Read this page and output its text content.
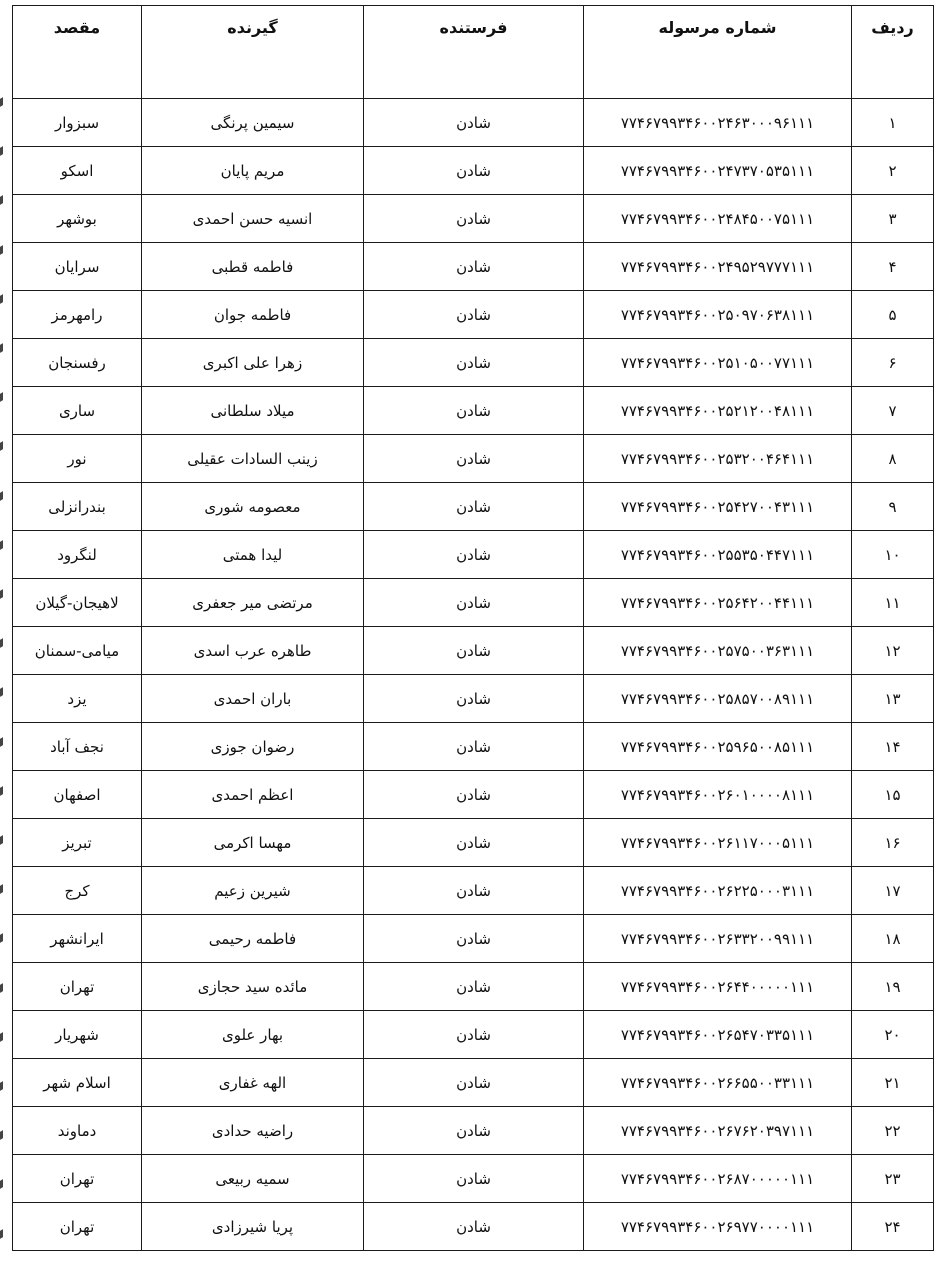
ردیف	شماره مرسوله	فرستنده	گیرنده	مقصد
۱	۷۷۴۶۷۹۹۳۴۶۰۰۲۴۶۳۰۰۰۹۶۱۱۱	شادن	سیمین پرنگی	سبزوار
۲	۷۷۴۶۷۹۹۳۴۶۰۰۲۴۷۳۷۰۵۳۵۱۱۱	شادن	مریم پایان	اسکو
۳	۷۷۴۶۷۹۹۳۴۶۰۰۲۴۸۴۵۰۰۷۵۱۱۱	شادن	انسیه حسن احمدی	بوشهر
۴	۷۷۴۶۷۹۹۳۴۶۰۰۲۴۹۵۲۹۷۷۷۱۱۱	شادن	فاطمه قطبی	سرایان
۵	۷۷۴۶۷۹۹۳۴۶۰۰۲۵۰۹۷۰۶۳۸۱۱۱	شادن	فاطمه جوان	رامهرمز
۶	۷۷۴۶۷۹۹۳۴۶۰۰۲۵۱۰۵۰۰۷۷۱۱۱	شادن	زهرا علی اکبری	رفسنجان
۷	۷۷۴۶۷۹۹۳۴۶۰۰۲۵۲۱۲۰۰۴۸۱۱۱	شادن	میلاد سلطانی	ساری
۸	۷۷۴۶۷۹۹۳۴۶۰۰۲۵۳۲۰۰۴۶۴۱۱۱	شادن	زینب السادات عقیلی	نور
۹	۷۷۴۶۷۹۹۳۴۶۰۰۲۵۴۲۷۰۰۴۳۱۱۱	شادن	معصومه شوری	بندرانزلی
۱۰	۷۷۴۶۷۹۹۳۴۶۰۰۲۵۵۳۵۰۴۴۷۱۱۱	شادن	لیدا همتی	لنگرود
۱۱	۷۷۴۶۷۹۹۳۴۶۰۰۲۵۶۴۲۰۰۴۴۱۱۱	شادن	مرتضی میر جعفری	لاهیجان-گیلان
۱۲	۷۷۴۶۷۹۹۳۴۶۰۰۲۵۷۵۰۰۳۶۳۱۱۱	شادن	طاهره عرب اسدی	میامی-سمنان
۱۳	۷۷۴۶۷۹۹۳۴۶۰۰۲۵۸۵۷۰۰۸۹۱۱۱	شادن	باران احمدی	یزد
۱۴	۷۷۴۶۷۹۹۳۴۶۰۰۲۵۹۶۵۰۰۸۵۱۱۱	شادن	رضوان جوزی	نجف آباد
۱۵	۷۷۴۶۷۹۹۳۴۶۰۰۲۶۰۱۰۰۰۰۸۱۱۱	شادن	اعظم احمدی	اصفهان
۱۶	۷۷۴۶۷۹۹۳۴۶۰۰۲۶۱۱۷۰۰۰۵۱۱۱	شادن	مهسا اکرمی	تبریز
۱۷	۷۷۴۶۷۹۹۳۴۶۰۰۲۶۲۲۵۰۰۰۳۱۱۱	شادن	شیرین زعیم	کرج
۱۸	۷۷۴۶۷۹۹۳۴۶۰۰۲۶۳۳۲۰۰۹۹۱۱۱	شادن	فاطمه رحیمی	ایرانشهر
۱۹	۷۷۴۶۷۹۹۳۴۶۰۰۲۶۴۴۰۰۰۰۰۱۱۱	شادن	مائده سید حجازی	تهران
۲۰	۷۷۴۶۷۹۹۳۴۶۰۰۲۶۵۴۷۰۳۳۵۱۱۱	شادن	بهار علوی	شهریار
۲۱	۷۷۴۶۷۹۹۳۴۶۰۰۲۶۶۵۵۰۰۳۳۱۱۱	شادن	الهه غفاری	اسلام شهر
۲۲	۷۷۴۶۷۹۹۳۴۶۰۰۲۶۷۶۲۰۳۹۷۱۱۱	شادن	راضیه حدادی	دماوند
۲۳	۷۷۴۶۷۹۹۳۴۶۰۰۲۶۸۷۰۰۰۰۰۱۱۱	شادن	سمیه ربیعی	تهران
۲۴	۷۷۴۶۷۹۹۳۴۶۰۰۲۶۹۷۷۰۰۰۰۱۱۱	شادن	پریا شیرزادی	تهران
